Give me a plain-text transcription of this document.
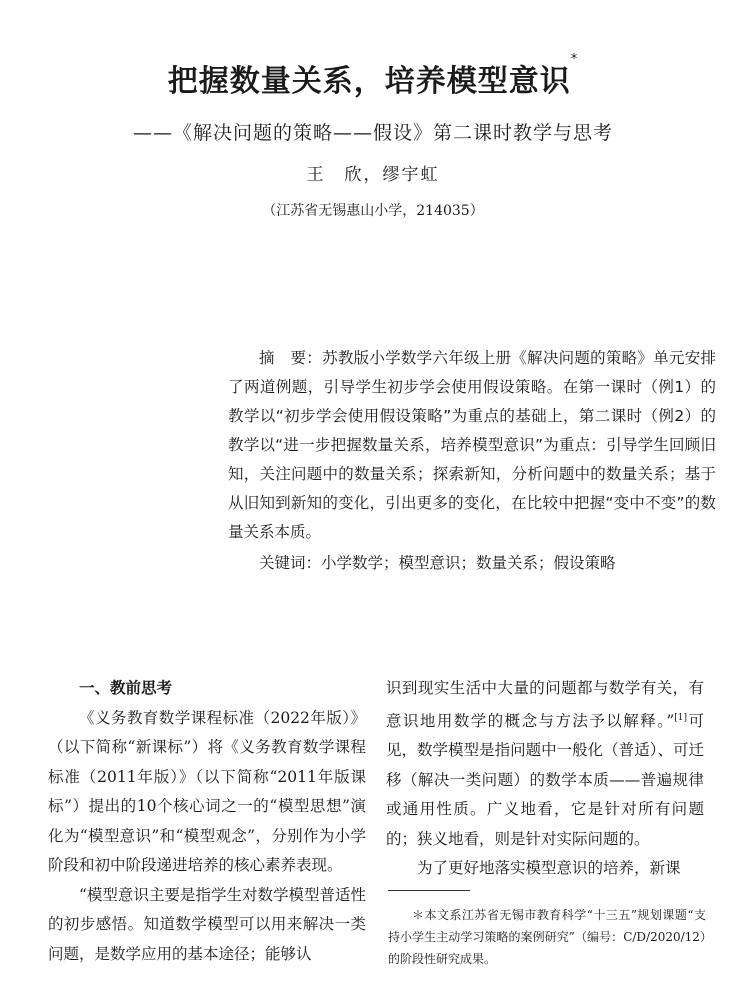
把握数量关系，培养模型意识*
——《解决问题的策略——假设》第二课时教学与思考
王　欣，缪宇虹
（江苏省无锡惠山小学，214035）

摘　要：苏教版小学数学六年级上册《解决问题的策略》单元安排了两道例题，引导学生初步学会使用假设策略。在第一课时（例1）的教学以“初步学会使用假设策略”为重点的基础上，第二课时（例2）的教学以“进一步把握数量关系，培养模型意识”为重点：引导学生回顾旧知，关注问题中的数量关系；探索新知，分析问题中的数量关系；基于从旧知到新知的变化，引出更多的变化，在比较中把握“变中不变”的数量关系本质。

关键词：小学数学；模型意识；数量关系；假设策略

一、教前思考

《义务教育数学课程标准（2022年版）》（以下简称“新课标”）将《义务教育数学课程标准（2011年版）》（以下简称“2011年版课标”）提出的10个核心词之一的“模型思想”演化为“模型意识”和“模型观念”，分别作为小学阶段和初中阶段递进培养的核心素养表现。

“模型意识主要是指学生对数学模型普适性的初步感悟。知道数学模型可以用来解决一类问题，是数学应用的基本途径；能够认

识到现实生活中大量的问题都与数学有关，有意识地用数学的概念与方法予以解释。”[1]可见，数学模型是指问题中一般化（普适）、可迁移（解决一类问题）的数学本质——普遍规律或通用性质。广义地看，它是针对所有问题的；狭义地看，则是针对实际问题的。

为了更好地落实模型意识的培养，新课

＊本文系江苏省无锡市教育科学“十三五”规划课题“支持小学生主动学习策略的案例研究”（编号：C/D/2020/12）的阶段性研究成果。
